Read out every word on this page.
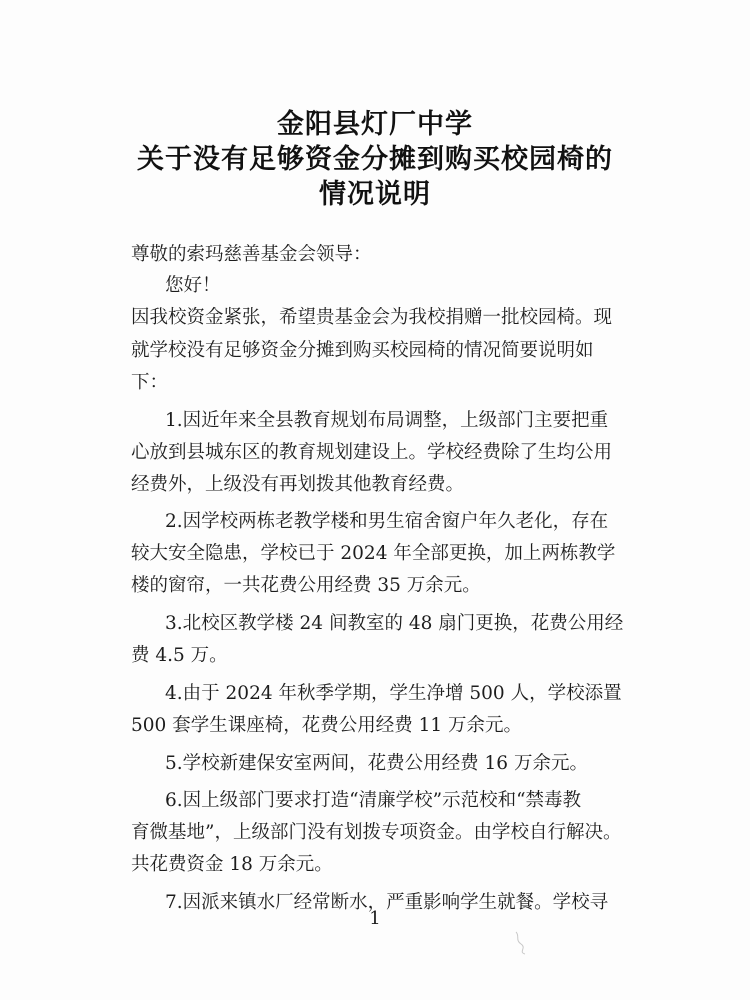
金阳县灯厂中学
关于没有足够资金分摊到购买校园椅的
情况说明
尊敬的索玛慈善基金会领导：
您好！
因我校资金紧张，希望贵基金会为我校捐赠一批校园椅。现
就学校没有足够资金分摊到购买校园椅的情况简要说明如
下：
1.因近年来全县教育规划布局调整，上级部门主要把重
心放到县城东区的教育规划建设上。学校经费除了生均公用
经费外，上级没有再划拨其他教育经费。
2.因学校两栋老教学楼和男生宿舍窗户年久老化，存在
较大安全隐患，学校已于 2024 年全部更换，加上两栋教学
楼的窗帘，一共花费公用经费 35 万余元。
3.北校区教学楼 24 间教室的 48 扇门更换，花费公用经
费 4.5 万。
4.由于 2024 年秋季学期，学生净增 500 人，学校添置
500 套学生课座椅，花费公用经费 11 万余元。
5.学校新建保安室两间，花费公用经费 16 万余元。
6.因上级部门要求打造“清廉学校”示范校和“禁毒教
育微基地”，上级部门没有划拨专项资金。由学校自行解决。
共花费资金 18 万余元。
7.因派来镇水厂经常断水，严重影响学生就餐。学校寻
1
